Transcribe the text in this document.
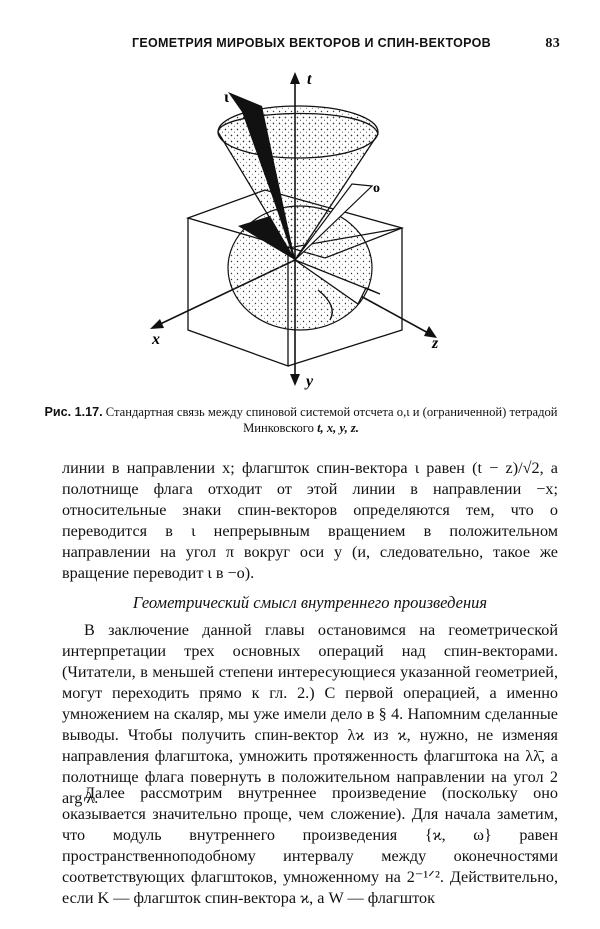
ГЕОМЕТРИЯ МИРОВЫХ ВЕКТОРОВ И СПИН-ВЕКТОРОВ	83
t
ι
o
x	z
y
Рис. 1.17. Стандартная связь между спиновой системой отсчета o,ι и (ограниченной) тетрадой Минковского t, x, y, z.
линии в направлении x; флагшток спин-вектора ι равен (t − z)/√2, а полотнище флага отходит от этой линии в направлении −x; относительные знаки спин-векторов определяются тем, что o переводится в ι непрерывным вращением в положительном направлении на угол π вокруг оси y (и, следовательно, такое же вращение переводит ι в −o).
Геометрический смысл внутреннего произведения
В заключение данной главы остановимся на геометрической интерпретации трех основных операций над спин-векторами. (Читатели, в меньшей степени интересующиеся указанной геометрией, могут переходить прямо к гл. 2.) С первой операцией, а именно умножением на скаляр, мы уже имели дело в § 4. Напомним сделанные выводы. Чтобы получить спин-вектор λϰ из ϰ, нужно, не изменяя направления флагштока, умножить протяженность флагштока на λλ̄, а полотнище флага повернуть в положительном направлении на угол 2 arg λ.
Далее рассмотрим внутреннее произведение (поскольку оно оказывается значительно проще, чем сложение). Для начала заметим, что модуль внутреннего произведения {ϰ, ω} равен пространственноподобному интервалу между оконечностями соответствующих флагштоков, умноженному на 2⁻¹ᐟ². Действительно, если K — флагшток спин-вектора ϰ, а W — флагшток
